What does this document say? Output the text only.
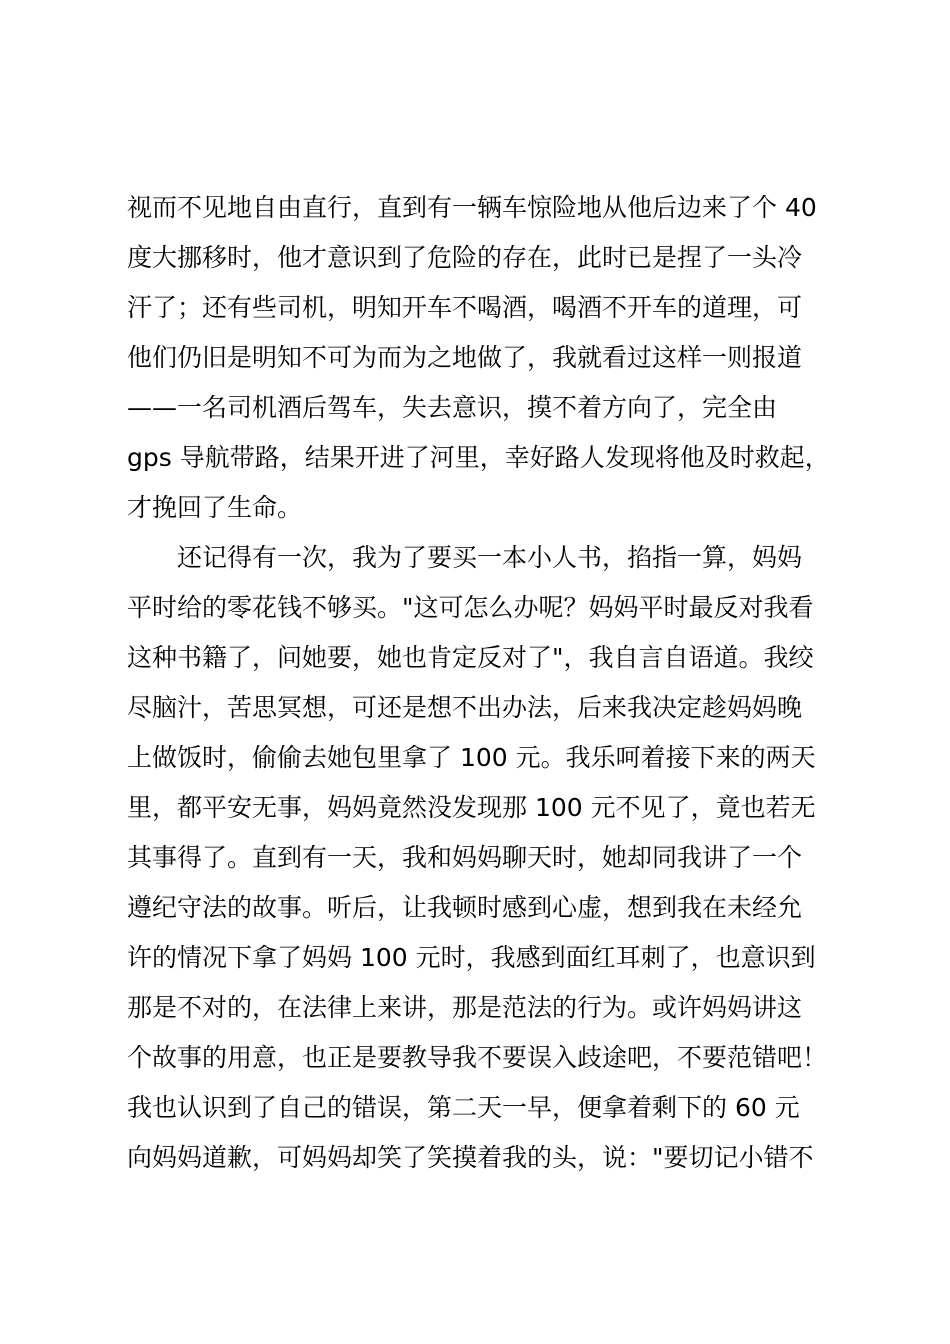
视而不见地自由直行，直到有一辆车惊险地从他后边来了个 40
度大挪移时，他才意识到了危险的存在，此时已是捏了一头冷
汗了；还有些司机，明知开车不喝酒，喝酒不开车的道理，可
他们仍旧是明知不可为而为之地做了，我就看过这样一则报道
——一名司机酒后驾车，失去意识，摸不着方向了，完全由
gps 导航带路，结果开进了河里，幸好路人发现将他及时救起，
才挽回了生命。
　　还记得有一次，我为了要买一本小人书，掐指一算，妈妈
平时给的零花钱不够买。"这可怎么办呢？妈妈平时最反对我看
这种书籍了，问她要，她也肯定反对了"，我自言自语道。我绞
尽脑汁，苦思冥想，可还是想不出办法，后来我决定趁妈妈晚
上做饭时，偷偷去她包里拿了 100 元。我乐呵着接下来的两天
里，都平安无事，妈妈竟然没发现那 100 元不见了，竟也若无
其事得了。直到有一天，我和妈妈聊天时，她却同我讲了一个
遵纪守法的故事。听后，让我顿时感到心虚，想到我在未经允
许的情况下拿了妈妈 100 元时，我感到面红耳刺了，也意识到
那是不对的，在法律上来讲，那是范法的行为。或许妈妈讲这
个故事的用意，也正是要教导我不要误入歧途吧，不要范错吧！
我也认识到了自己的错误，第二天一早，便拿着剩下的 60 元
向妈妈道歉，可妈妈却笑了笑摸着我的头，说："要切记小错不
